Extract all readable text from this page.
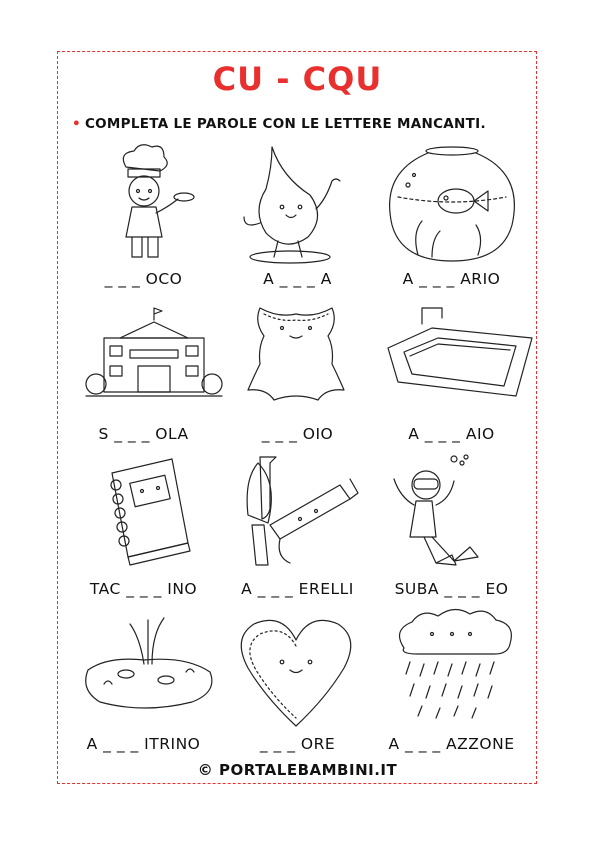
CU - CQU
• COMPLETA LE PAROLE CON LE LETTERE MANCANTI.
_ _ _ OCO	A _ _ _ A	A _ _ _ ARIO
S _ _ _ OLA	_ _ _ OIO	A _ _ _ AIO
TAC _ _ _ INO	A _ _ _ ERELLI	SUBA _ _ _ EO
A _ _ _ ITRINO	_ _ _ ORE	A _ _ _ AZZONE
© PORTALEBAMBINI.IT
